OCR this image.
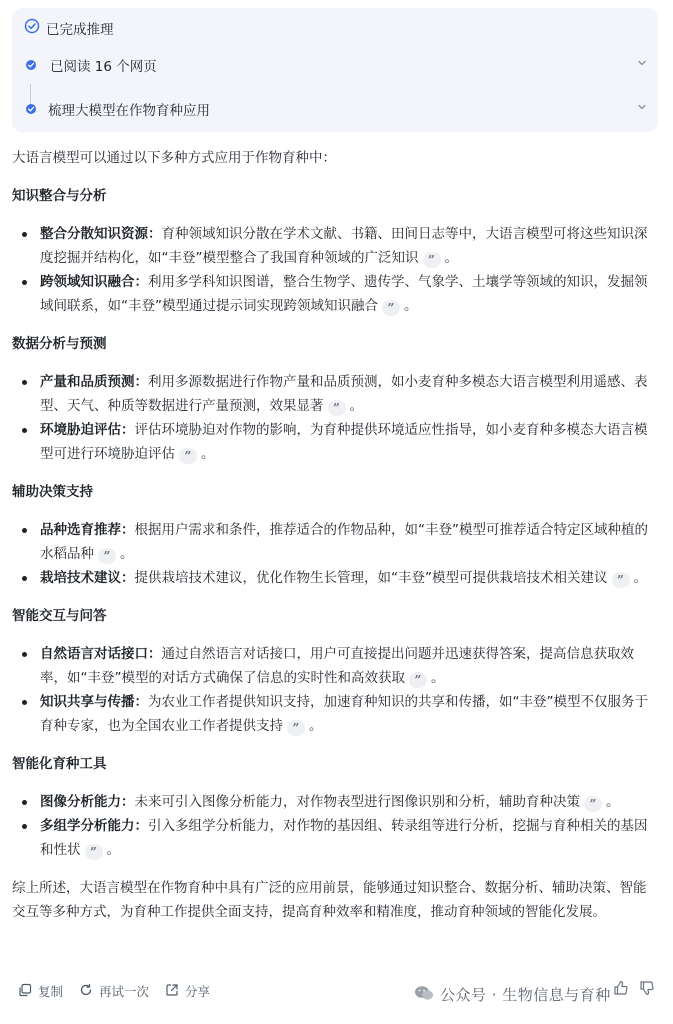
已完成推理
已阅读 16 个网页
梳理大模型在作物育种应用

大语言模型可以通过以下多种方式应用于作物育种中：

知识整合与分析
整合分散知识资源：育种领域知识分散在学术文献、书籍、田间日志等中，大语言模型可将这些知识深度挖掘并结构化，如“丰登”模型整合了我国育种领域的广泛知识 ” 。
跨领域知识融合：利用多学科知识图谱，整合生物学、遗传学、气象学、土壤学等领域的知识，发掘领域间联系，如“丰登”模型通过提示词实现跨领域知识融合 ” 。
数据分析与预测
产量和品质预测：利用多源数据进行作物产量和品质预测，如小麦育种多模态大语言模型利用遥感、表型、天气、种质等数据进行产量预测，效果显著 ” 。
环境胁迫评估：评估环境胁迫对作物的影响，为育种提供环境适应性指导，如小麦育种多模态大语言模型可进行环境胁迫评估 ” 。
辅助决策支持
品种选育推荐：根据用户需求和条件，推荐适合的作物品种，如“丰登”模型可推荐适合特定区域种植的水稻品种 ” 。
栽培技术建议：提供栽培技术建议，优化作物生长管理，如“丰登”模型可提供栽培技术相关建议 ” 。
智能交互与问答
自然语言对话接口：通过自然语言对话接口，用户可直接提出问题并迅速获得答案，提高信息获取效率，如“丰登”模型的对话方式确保了信息的实时性和高效获取 ” 。
知识共享与传播：为农业工作者提供知识支持，加速育种知识的共享和传播，如“丰登”模型不仅服务于育种专家，也为全国农业工作者提供支持 ” 。
智能化育种工具
图像分析能力：未来可引入图像分析能力，对作物表型进行图像识别和分析，辅助育种决策 ” 。
多组学分析能力：引入多组学分析能力，对作物的基因组、转录组等进行分析，挖掘与育种相关的基因和性状 ” 。

综上所述，大语言模型在作物育种中具有广泛的应用前景，能够通过知识整合、数据分析、辅助决策、智能交互等多种方式，为育种工作提供全面支持，提高育种效率和精准度，推动育种领域的智能化发展。

复制	再试一次	分享	公众号 · 生物信息与育种
